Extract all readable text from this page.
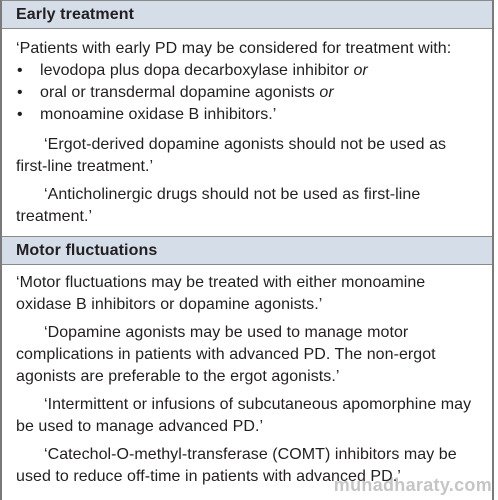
Early treatment

‘Patients with early PD may be considered for treatment with:

• levodopa plus dopa decarboxylase inhibitor or
• oral or transdermal dopamine agonists or
• monoamine oxidase B inhibitors.’

‘Ergot-derived dopamine agonists should not be used as first-line treatment.’

‘Anticholinergic drugs should not be used as first-line treatment.’

Motor fluctuations

‘Motor fluctuations may be treated with either monoamine oxidase B inhibitors or dopamine agonists.’

‘Dopamine agonists may be used to manage motor complications in patients with advanced PD. The non-ergot agonists are preferable to the ergot agonists.’

‘Intermittent or infusions of subcutaneous apomorphine may be used to manage advanced PD.’

‘Catechol-O-methyl-transferase (COMT) inhibitors may be used to reduce off-time in patients with advanced PD.’

muhadharaty.com
